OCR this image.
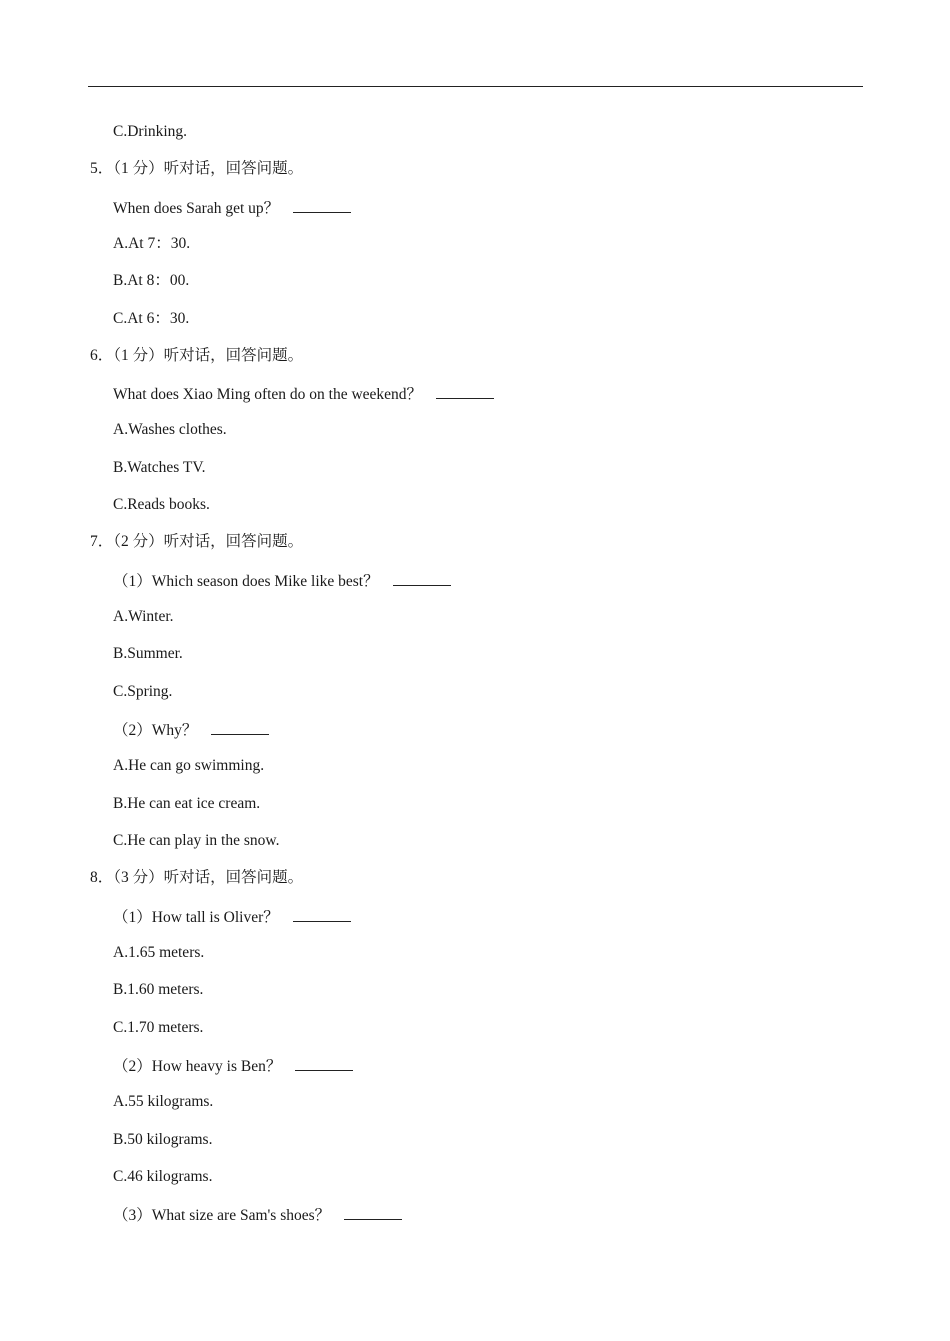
C.Drinking.
5．（1 分）听对话，回答问题。
When does Sarah get up？
A.At 7：30.
B.At 8：00.
C.At 6：30.
6．（1 分）听对话，回答问题。
What does Xiao Ming often do on the weekend？
A.Washes clothes.
B.Watches TV.
C.Reads books.
7．（2 分）听对话，回答问题。
（1）Which season does Mike like best？
A.Winter.
B.Summer.
C.Spring.
（2）Why？
A.He can go swimming.
B.He can eat ice cream.
C.He can play in the snow.
8．（3 分）听对话，回答问题。
（1）How tall is Oliver？
A.1.65 meters.
B.1.60 meters.
C.1.70 meters.
（2）How heavy is Ben？
A.55 kilograms.
B.50 kilograms.
C.46 kilograms.
（3）What size are Sam's shoes？
